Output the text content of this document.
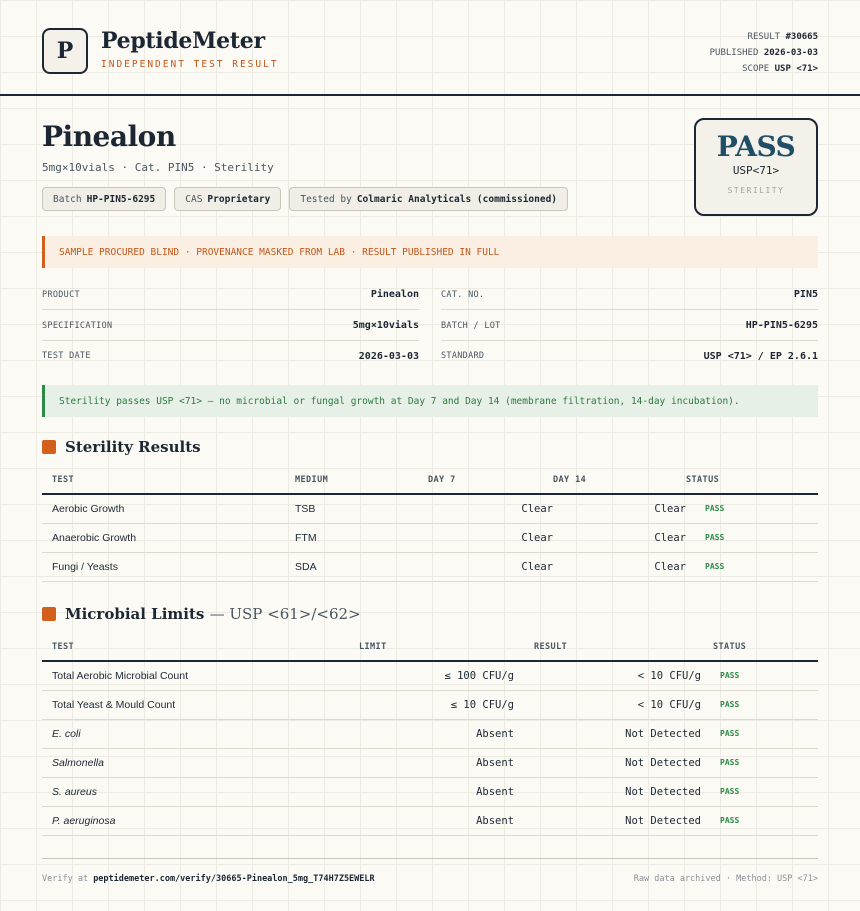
P PeptideMeter
INDEPENDENT TEST RESULT
RESULT #30665
PUBLISHED 2026-03-03
SCOPE USP <71>
Pinealon
5mg×10vials · Cat. PIN5 · Sterility
Batch HP-PIN5-6295	CAS Proprietary	Tested by Colmaric Analyticals (commissioned)
PASS
USP<71>
STERILITY
SAMPLE PROCURED BLIND · PROVENANCE MASKED FROM LAB · RESULT PUBLISHED IN FULL
PRODUCT	Pinealon	CAT. NO.	PIN5
SPECIFICATION	5mg×10vials	BATCH / LOT	HP-PIN5-6295
TEST DATE	2026-03-03	STANDARD	USP <71> / EP 2.6.1
Sterility passes USP <71> — no microbial or fungal growth at Day 7 and Day 14 (membrane filtration, 14-day incubation).
Sterility Results
TEST	MEDIUM	DAY 7	DAY 14	STATUS
Aerobic Growth	TSB	Clear	Clear	PASS
Anaerobic Growth	FTM	Clear	Clear	PASS
Fungi / Yeasts	SDA	Clear	Clear	PASS
Microbial Limits
— USP <61>/<62>
TEST	LIMIT	RESULT	STATUS
Total Aerobic Microbial Count	≤ 100 CFU/g	< 10 CFU/g	PASS
Total Yeast & Mould Count	≤ 10 CFU/g	< 10 CFU/g	PASS
E. coli	Absent	Not Detected	PASS
Salmonella	Absent	Not Detected	PASS
S. aureus	Absent	Not Detected	PASS
P. aeruginosa	Absent	Not Detected	PASS
Verify at peptidemeter.com/verify/30665-Pinealon_5mg_T74H7Z5EWELR	Raw data archived · Method: USP <71>
